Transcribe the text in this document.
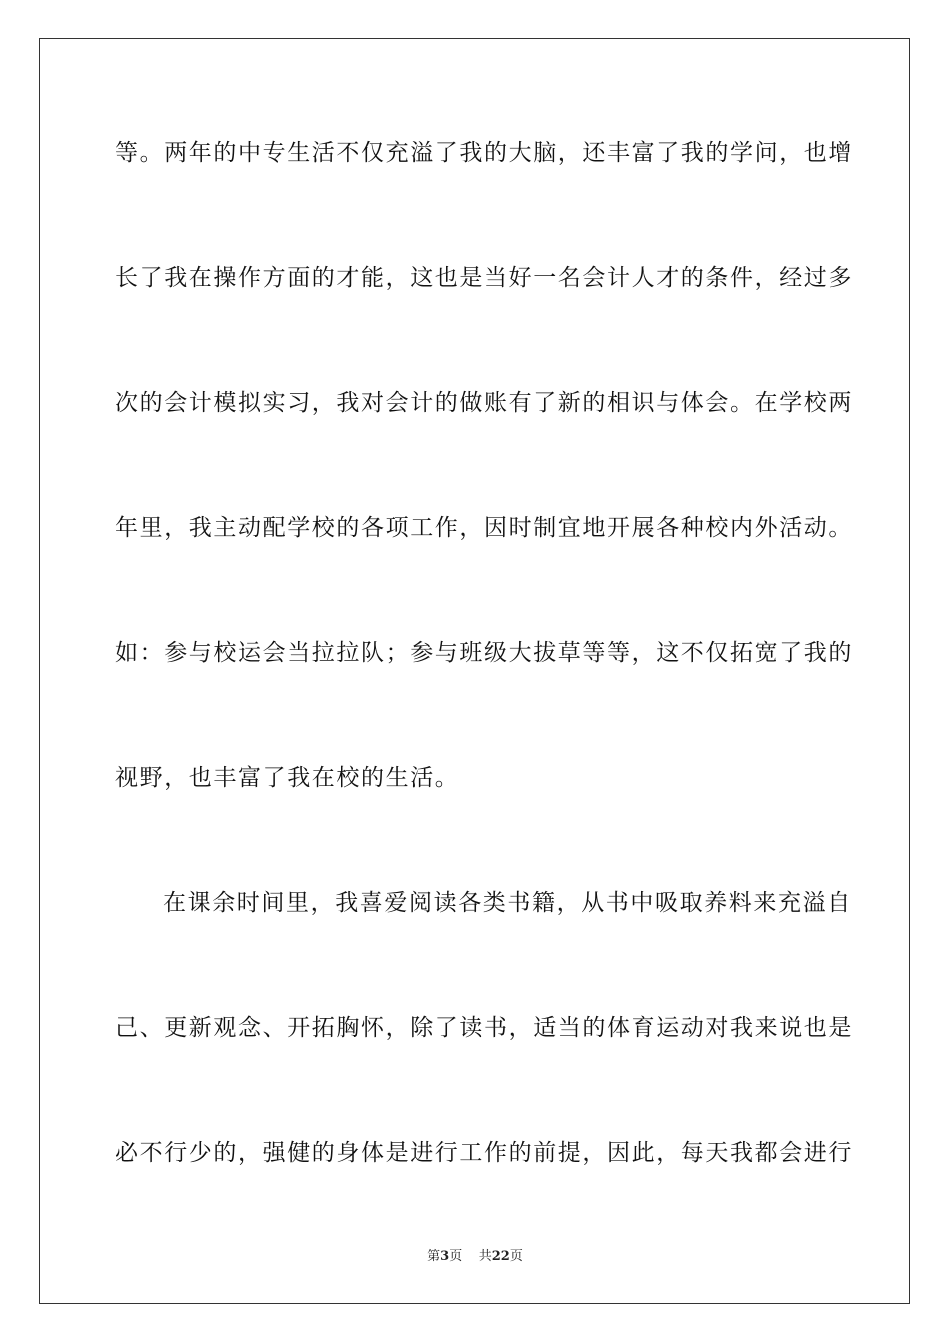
等。两年的中专生活不仅充溢了我的大脑，还丰富了我的学问，也增
长了我在操作方面的才能，这也是当好一名会计人才的条件，经过多
次的会计模拟实习，我对会计的做账有了新的相识与体会。在学校两
年里，我主动配学校的各项工作，因时制宜地开展各种校内外活动。
如：参与校运会当拉拉队；参与班级大拔草等等，这不仅拓宽了我的
视野，也丰富了我在校的生活。
在课余时间里，我喜爱阅读各类书籍，从书中吸取养料来充溢自
己、更新观念、开拓胸怀，除了读书，适当的体育运动对我来说也是
必不行少的，强健的身体是进行工作的前提，因此，每天我都会进行
第3页 共22页
